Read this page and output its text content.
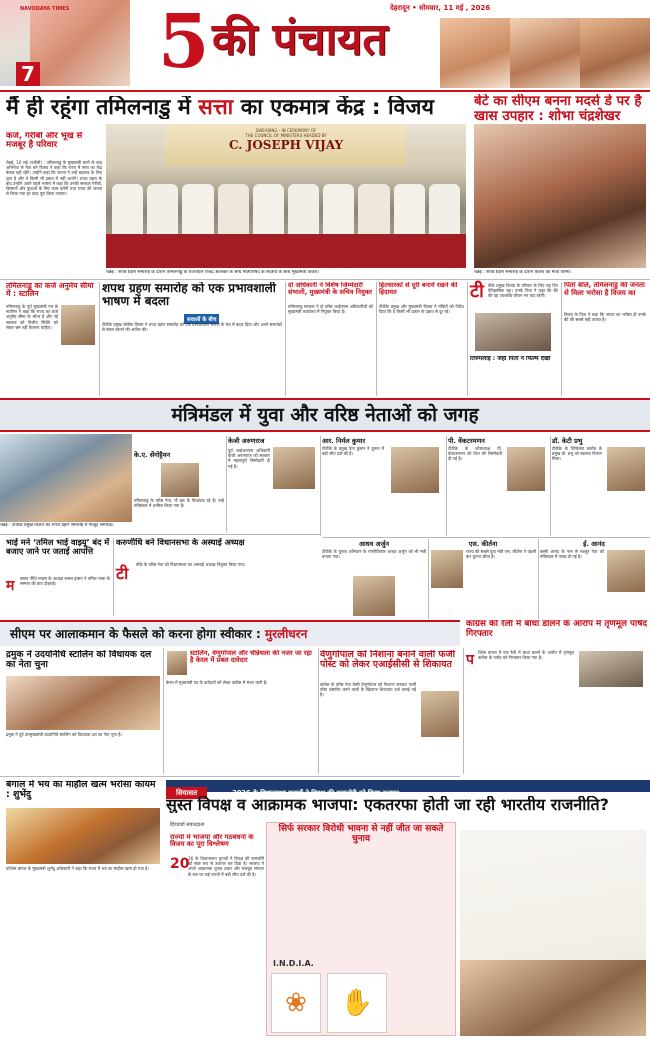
NAVODAYA TIMES
7 5 की पंचायत
देहरादून • सोमवार, 11 मई , 2026
मैं ही रहूंगा तमिलनाडु में सत्ता का एकमात्र केंद्र : विजय	बेटे का सीएम बनना मदर्स डे पर है खास उपहार : शोभा चंद्रशेखर
कर्ज, गरीबी और भूख से मजबूर है परिवार
चेन्नई, 10 मई (एजेंसी) : तमिलनाडु के मुख्यमंत्री बनने के बाद अभिनेता से नेता बने विजय ने कहा कि राज्य में सत्ता का केंद्र केवल वही रहेंगे। उन्होंने कहा कि जनता ने उन्हें बदलाव के लिए चुना है और वे किसी भी दबाव में नहीं आएंगे। शपथ ग्रहण के बाद उन्होंने अपने पहले भाषण में कहा कि उनकी सरकार गरीबों, किसानों और युवाओं के लिए काम करेगी तथा राज्य की जनता से किया गया हर वादा पूरा किया जाएगा।
SWEARING - IN CEREMONY OF
THE COUNCIL OF MINISTERS HEADED BY
C. JOSEPH VIJAY
चेन्नई : शपथ ग्रहण समारोह के दौरान तमिलनाडु के राज्यपाल राजेंद्र आर्लेकर के साथ मंत्रिपरिषद के सदस्यों के साथ मुख्यमंत्री विजय।	चेन्नई : शपथ ग्रहण समारोह के दौरान विजय की माता शोभा।
तमिलनाडु का कर्ज अनुमेय सीमा में : स्टालिन
तमिलनाडु के पूर्व मुख्यमंत्री एम के स्टालिन ने कहा कि राज्य का कर्ज अनुमेय सीमा के भीतर है और नई सरकार को वित्तीय स्थिति को लेकर भ्रम नहीं फैलाना चाहिए।
शपथ ग्रहण समारोह को एक प्रभावशाली भाषण में बदला
सवालों के बीच
टीवीके प्रमुख जोसेफ विजय ने शपथ ग्रहण समारोह को एक प्रभावशाली भाषण के मंच में बदल दिया और अपने समर्थकों से संयम बरतने की अपील की।
दो अधिकारी ने विशेष जिम्मेदारी संभाली, मुख्यमंत्री के सचिव नियुक्त
तमिलनाडु सरकार ने दो वरिष्ठ आईएएस अधिकारियों को मुख्यमंत्री कार्यालय में नियुक्त किया है।
हितधारकों से दूरी बनाये रखने की हिदायत
टीवीके प्रमुख और मुख्यमंत्री विजय ने मंत्रियों को निर्देश दिया कि वे किसी भी प्रकार के दबाव से दूर रहें।
टी वीके प्रमुख विजय के परिवार के लिए यह दिन ऐतिहासिक रहा। उनके पिता ने कहा कि बेटे की यह उपलब्धि जीवन भर याद रहेगी।
तिरुमलाई : जहां पिता ने फिल्म देखी
पिता बोले, तमिलनाडु की जनता से मिला भरोसा है विजय का
विजय के पिता ने कहा कि जनता का भरोसा ही उनके बेटे की सबसे बड़ी ताकत है।
मंत्रिमंडल में युवा और वरिष्ठ नेताओं को जगह
चेन्नई : टीवीके प्रमुख विजय की शपथ ग्रहण समारोह में मौजूद समर्थक।
के.ए. सेंगोट्टैयन
तमिलनाडु के वरिष्ठ नेता, नौ बार के विधायक रहे हैं। उन्हें मंत्रिमंडल में शामिल किया गया है।
केजी अरुणराज
पूर्व आईआरएस अधिकारी केजी अरुणराज को सरकार में महत्वपूर्ण जिम्मेदारी दी गई है।
आर. निर्मल कुमार
टीवीके के प्रमुख नेता कुमार ने चुनाव में बड़ी जीत दर्ज की है।
पी. वेंकटरमणन
टीवीके के कोषाध्यक्ष पी. वेंकटरमणन को वित्त की जिम्मेदारी दी गई है।
डॉ. केटी प्रभु
टीवीके के चिकित्सा प्रकोष्ठ के प्रमुख डॉ. प्रभु को स्वास्थ्य विभाग मिला।
आधव अर्जुन
टीवीके के चुनाव अभियान के रणनीतिकार आधव अर्जुन को भी मंत्री बनाया गया।
एस. कीर्तना
राज्य की सबसे युवा मंत्री एस. कीर्तना ने पहली बार चुनाव जीता है।
ई. आनंद
बस्सी आनंद के नाम से मशहूर नेता को मंत्रिमंडल में जगह दी गई है।
भाई मने ‘तमिल भाई वाझ्यू’ बंद में बजाए जाने पर जताई आपत्ति
म क्कल नीधि मय्यम के अध्यक्ष कमल हासन ने तमिल भाषा के सम्मान की बात दोहराई।
करुणीधि बने विधानसभा के अस्थाई अध्यक्ष
टी वीके के वरिष्ठ नेता को विधानसभा का अस्थाई अध्यक्ष नियुक्त किया गया।
सीएम पर आलाकमान के फैसले को करना होगा स्वीकार : मुरलीधरन
कांग्रेस की रैली में बाधा डालने के आरोप में तृणमूल पार्षद गिरफ्तार
द्रमुक ने उदयनिधि स्टालिन को विधायक दल का नेता चुना
द्रमुक ने पूर्व उपमुख्यमंत्री उदयनिधि स्टालिन को विधायक दल का नेता चुना है।
स्टालिन, वेणुगोपाल और चेन्निथला की नजर जा रहा है केरल में प्रबल दावेदार
केरल में मुख्यमंत्री पद के दावेदारों को लेकर कांग्रेस में मंथन जारी है।
वेणुगोपाल को निशाना बनाने वाली फर्जी पोस्ट को लेकर एआईसीसी से शिकायत
कांग्रेस के वरिष्ठ नेता केसी वेणुगोपाल को निशाना बनाकर फर्जी पोस्ट प्रसारित करने वालों के खिलाफ शिकायत दर्ज कराई गई है।
प श्चिम बंगाल में एक रैली में बाधा डालने के आरोप में तृणमूल कांग्रेस के पार्षद को गिरफ्तार किया गया है।
बंगाल में भय का माहौल खत्म भरोसा कायम : शुभेंदु
पश्चिम बंगाल के मुख्यमंत्री शुभेंदु अधिकारी ने कहा कि राज्य में भय का माहौल खत्म हो गया है।
सियासत	2026 के विधानसभा चुनावों ने विपक्ष की कमजोरी को किया उजागर
सुस्त विपक्ष व आक्रामक भाजपा: एकतरफा होती जा रही भारतीय राजनीति?
हिंदवार्डा संवाददाता
राज्यों में भाजपा और गठबंधनों के विजय का पूरा विश्लेषण
20
26 के विधानसभा चुनावों ने विपक्ष की कमजोरी को स्पष्ट रूप से उजागर कर दिया है। भाजपा ने अपने आक्रामक चुनाव प्रचार और मजबूत संगठन के बल पर कई राज्यों में बड़ी जीत दर्ज की है।
सिर्फ सरकार विरोधी भावना से नहीं जीत जा सकते चुनाव
I.N.D.I.A.
❀	✋
